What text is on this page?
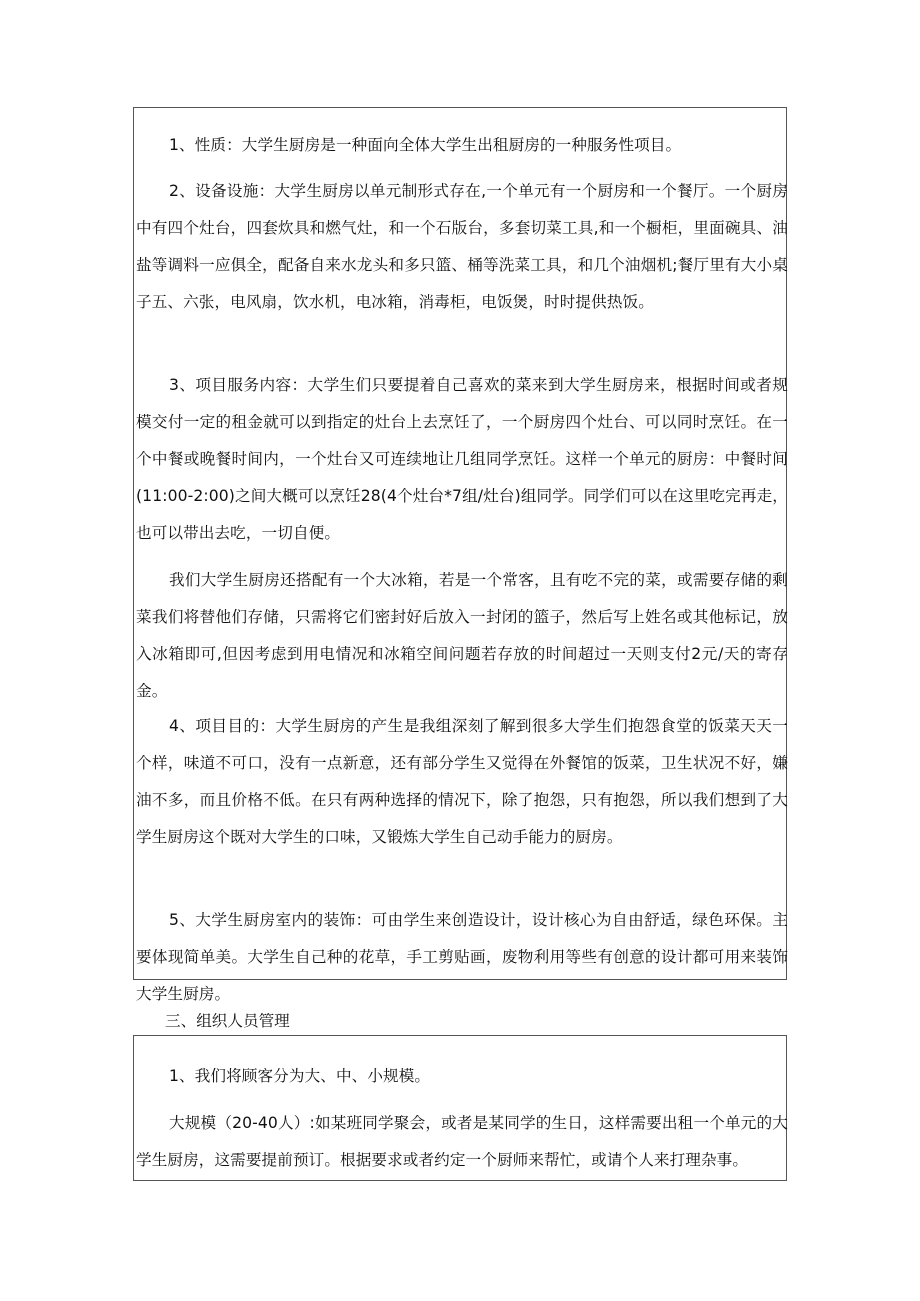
1、性质：大学生厨房是一种面向全体大学生出租厨房的一种服务性项目。

2、设备设施：大学生厨房以单元制形式存在,一个单元有一个厨房和一个餐厅。一个厨房中有四个灶台，四套炊具和燃气灶，和一个石版台，多套切菜工具,和一个橱柜，里面碗具、油盐等调料一应俱全，配备自来水龙头和多只篮、桶等洗菜工具，和几个油烟机;餐厅里有大小桌子五、六张，电风扇，饮水机，电冰箱，消毒柜，电饭煲，时时提供热饭。

3、项目服务内容：大学生们只要提着自己喜欢的菜来到大学生厨房来，根据时间或者规模交付一定的租金就可以到指定的灶台上去烹饪了，一个厨房四个灶台、可以同时烹饪。在一个中餐或晚餐时间内，一个灶台又可连续地让几组同学烹饪。这样一个单元的厨房：中餐时间(11:00-2:00)之间大概可以烹饪28(4个灶台*7组/灶台)组同学。同学们可以在这里吃完再走，也可以带出去吃，一切自便。

我们大学生厨房还搭配有一个大冰箱，若是一个常客，且有吃不完的菜，或需要存储的剩菜我们将替他们存储，只需将它们密封好后放入一封闭的篮子，然后写上姓名或其他标记，放入冰箱即可,但因考虑到用电情况和冰箱空间问题若存放的时间超过一天则支付2元/天的寄存金。

4、项目目的：大学生厨房的产生是我组深刻了解到很多大学生们抱怨食堂的饭菜天天一个样，味道不可口，没有一点新意，还有部分学生又觉得在外餐馆的饭菜，卫生状况不好，嫌油不多，而且价格不低。在只有两种选择的情况下，除了抱怨，只有抱怨，所以我们想到了大学生厨房这个既对大学生的口味，又锻炼大学生自己动手能力的厨房。

5、大学生厨房室内的装饰：可由学生来创造设计，设计核心为自由舒适，绿色环保。主要体现简单美。大学生自己种的花草，手工剪贴画，废物利用等些有创意的设计都可用来装饰大学生厨房。

三、组织人员管理

1、我们将顾客分为大、中、小规模。

大规模（20-40人）:如某班同学聚会，或者是某同学的生日，这样需要出租一个单元的大学生厨房，这需要提前预订。根据要求或者约定一个厨师来帮忙，或请个人来打理杂事。
